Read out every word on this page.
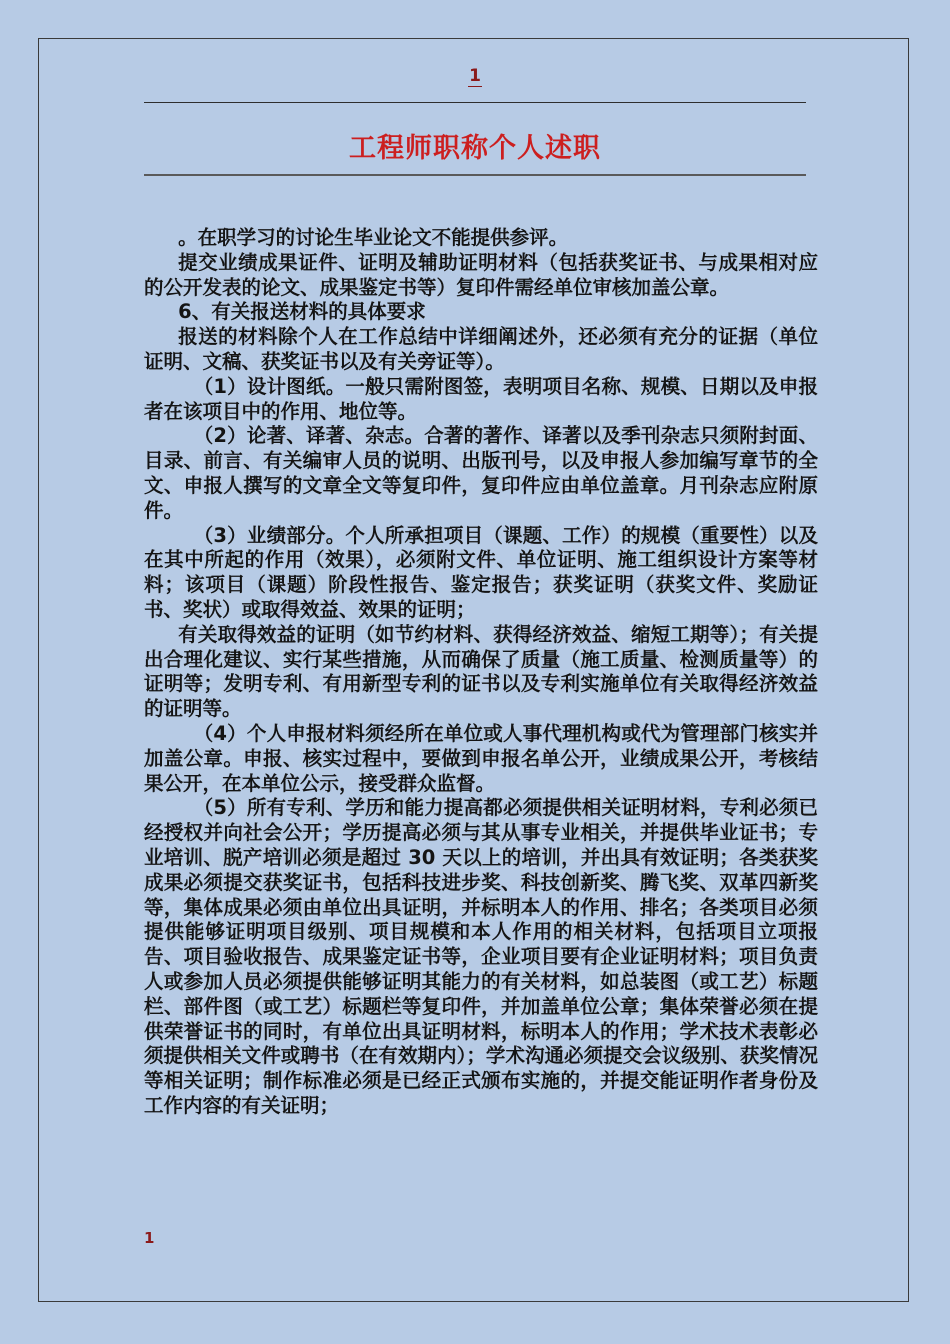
1
工程师职称个人述职

。在职学习的讨论生毕业论文不能提供参评。

提交业绩成果证件、证明及辅助证明材料（包括获奖证书、与成果相对应的公开发表的论文、成果鉴定书等）复印件需经单位审核加盖公章。

6、有关报送材料的具体要求

报送的材料除个人在工作总结中详细阐述外，还必须有充分的证据（单位证明、文稿、获奖证书以及有关旁证等）。

（1）设计图纸。一般只需附图签，表明项目名称、规模、日期以及申报者在该项目中的作用、地位等。

（2）论著、译著、杂志。合著的著作、译著以及季刊杂志只须附封面、目录、前言、有关编审人员的说明、出版刊号，以及申报人参加编写章节的全文、申报人撰写的文章全文等复印件，复印件应由单位盖章。月刊杂志应附原件。

（3）业绩部分。个人所承担项目（课题、工作）的规模（重要性）以及在其中所起的作用（效果），必须附文件、单位证明、施工组织设计方案等材料；该项目（课题）阶段性报告、鉴定报告；获奖证明（获奖文件、奖励证书、奖状）或取得效益、效果的证明；

有关取得效益的证明（如节约材料、获得经济效益、缩短工期等）；有关提出合理化建议、实行某些措施，从而确保了质量（施工质量、检测质量等）的证明等；发明专利、有用新型专利的证书以及专利实施单位有关取得经济效益的证明等。

（4）个人申报材料须经所在单位或人事代理机构或代为管理部门核实并加盖公章。申报、核实过程中，要做到申报名单公开，业绩成果公开，考核结果公开，在本单位公示，接受群众监督。

（5）所有专利、学历和能力提高都必须提供相关证明材料，专利必须已经授权并向社会公开；学历提高必须与其从事专业相关，并提供毕业证书；专业培训、脱产培训必须是超过 30 天以上的培训，并出具有效证明；各类获奖成果必须提交获奖证书，包括科技进步奖、科技创新奖、腾飞奖、双革四新奖等，集体成果必须由单位出具证明，并标明本人的作用、排名；各类项目必须提供能够证明项目级别、项目规模和本人作用的相关材料，包括项目立项报告、项目验收报告、成果鉴定证书等，企业项目要有企业证明材料；项目负责人或参加人员必须提供能够证明其能力的有关材料，如总装图（或工艺）标题栏、部件图（或工艺）标题栏等复印件，并加盖单位公章；集体荣誉必须在提供荣誉证书的同时，有单位出具证明材料，标明本人的作用；学术技术表彰必须提供相关文件或聘书（在有效期内）；学术沟通必须提交会议级别、获奖情况等相关证明；制作标准必须是已经正式颁布实施的，并提交能证明作者身份及工作内容的有关证明；

1
